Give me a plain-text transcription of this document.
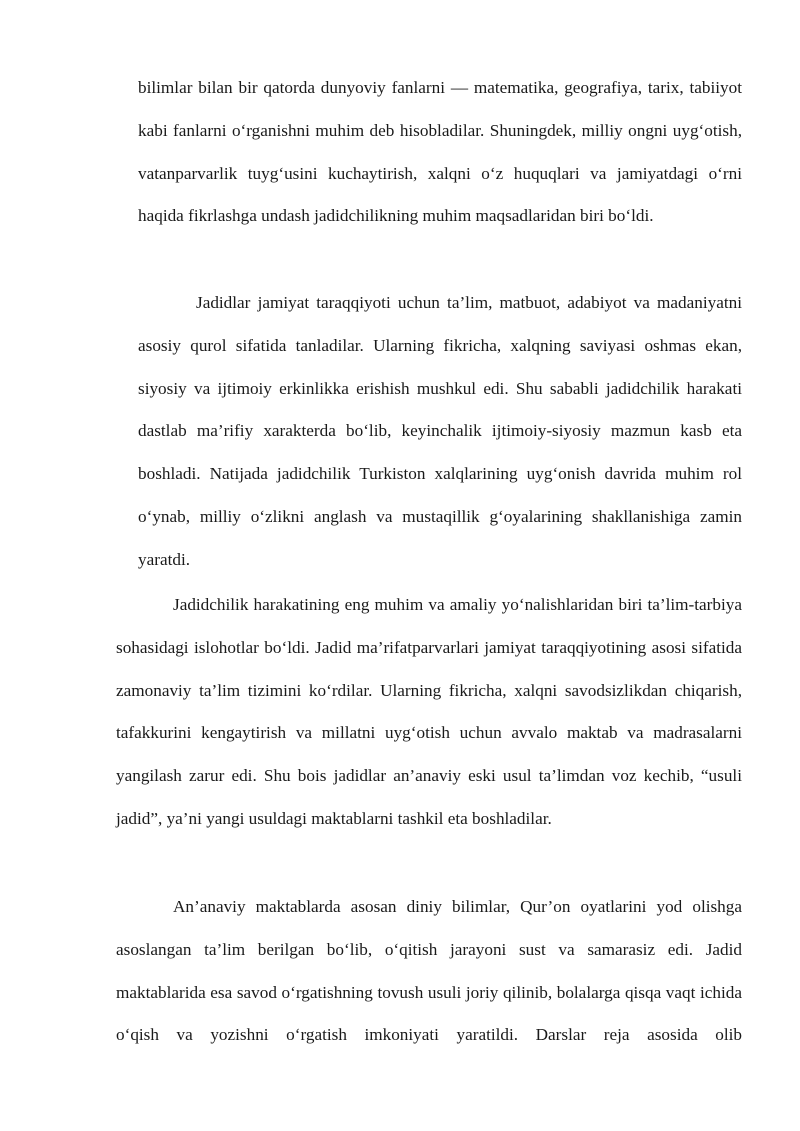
bilimlar bilan bir qatorda dunyoviy fanlarni — matematika, geografiya, tarix, tabiiyot kabi fanlarni o‘rganishni muhim deb hisobladilar. Shuningdek, milliy ongni uyg‘otish, vatanparvarlik tuyg‘usini kuchaytirish, xalqni o‘z huquqlari va jamiyatdagi o‘rni haqida fikrlashga undash jadidchilikning muhim maqsadlaridan biri bo‘ldi.

Jadidlar jamiyat taraqqiyoti uchun ta’lim, matbuot, adabiyot va madaniyatni asosiy qurol sifatida tanladilar. Ularning fikricha, xalqning saviyasi oshmas ekan, siyosiy va ijtimoiy erkinlikka erishish mushkul edi. Shu sababli jadidchilik harakati dastlab ma’rifiy xarakterda bo‘lib, keyinchalik ijtimoiy-siyosiy mazmun kasb eta boshladi. Natijada jadidchilik Turkiston xalqlarining uyg‘onish davrida muhim rol o‘ynab, milliy o‘zlikni anglash va mustaqillik g‘oyalarining shakllanishiga zamin yaratdi.

Jadidchilik harakatining eng muhim va amaliy yo‘nalishlaridan biri ta’lim-tarbiya sohasidagi islohotlar bo‘ldi. Jadid ma’rifatparvarlari jamiyat taraqqiyotining asosi sifatida zamonaviy ta’lim tizimini ko‘rdilar. Ularning fikricha, xalqni savodsizlikdan chiqarish, tafakkurini kengaytirish va millatni uyg‘otish uchun avvalo maktab va madrasalarni yangilash zarur edi. Shu bois jadidlar an’anaviy eski usul ta’limdan voz kechib, “usuli jadid”, ya’ni yangi usuldagi maktablarni tashkil eta boshladilar.

An’anaviy maktablarda asosan diniy bilimlar, Qur’on oyatlarini yod olishga asoslangan ta’lim berilgan bo‘lib, o‘qitish jarayoni sust va samarasiz edi. Jadid maktablarida esa savod o‘rgatishning tovush usuli joriy qilinib, bolalarga qisqa vaqt ichida o‘qish va yozishni o‘rgatish imkoniyati yaratildi. Darslar reja asosida olib
